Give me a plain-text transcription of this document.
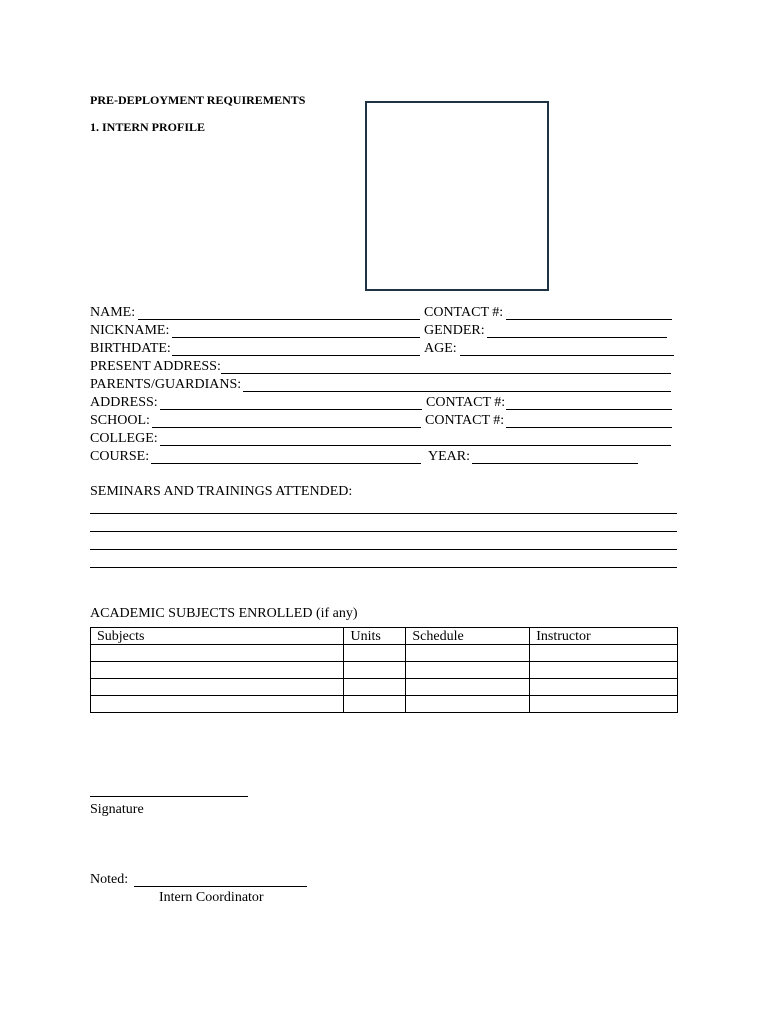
PRE-DEPLOYMENT REQUIREMENTS
1. INTERN PROFILE
NAME:	CONTACT #:
NICKNAME:	GENDER:
BIRTHDATE:	AGE:
PRESENT ADDRESS:
PARENTS/GUARDIANS:
ADDRESS:	CONTACT #:
SCHOOL:	CONTACT #:
COLLEGE:
COURSE:	YEAR:
SEMINARS AND TRAININGS ATTENDED:
ACADEMIC SUBJECTS ENROLLED (if any)
Subjects	Units	Schedule	Instructor

Signature
Noted:
Intern Coordinator
